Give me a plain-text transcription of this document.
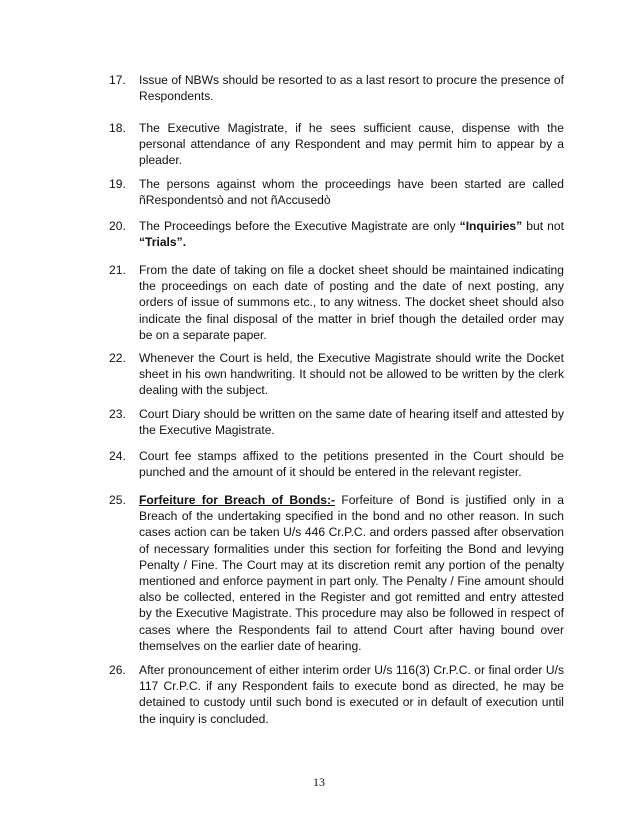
17. Issue of NBWs should be resorted to as a last resort to procure the presence of Respondents.
18. The Executive Magistrate, if he sees sufficient cause, dispense with the personal attendance of any Respondent and may permit him to appear by a pleader.
19. The persons against whom the proceedings have been started are called ñRespondentsò and not ñAccusedò
20. The Proceedings before the Executive Magistrate are only “Inquiries” but not “Trials”.
21. From the date of taking on file a docket sheet should be maintained indicating the proceedings on each date of posting and the date of next posting, any orders of issue of summons etc., to any witness. The docket sheet should also indicate the final disposal of the matter in brief though the detailed order may be on a separate paper.
22. Whenever the Court is held, the Executive Magistrate should write the Docket sheet in his own handwriting. It should not be allowed to be written by the clerk dealing with the subject.
23. Court Diary should be written on the same date of hearing itself and attested by the Executive Magistrate.
24. Court fee stamps affixed to the petitions presented in the Court should be punched and the amount of it should be entered in the relevant register.
25. Forfeiture for Breach of Bonds:- Forfeiture of Bond is justified only in a Breach of the undertaking specified in the bond and no other reason. In such cases action can be taken U/s 446 Cr.P.C. and orders passed after observation of necessary formalities under this section for forfeiting the Bond and levying Penalty / Fine. The Court may at its discretion remit any portion of the penalty mentioned and enforce payment in part only. The Penalty / Fine amount should also be collected, entered in the Register and got remitted and entry attested by the Executive Magistrate. This procedure may also be followed in respect of cases where the Respondents fail to attend Court after having bound over themselves on the earlier date of hearing.
26. After pronouncement of either interim order U/s 116(3) Cr.P.C. or final order U/s 117 Cr.P.C. if any Respondent fails to execute bond as directed, he may be detained to custody until such bond is executed or in default of execution until the inquiry is concluded.
13
